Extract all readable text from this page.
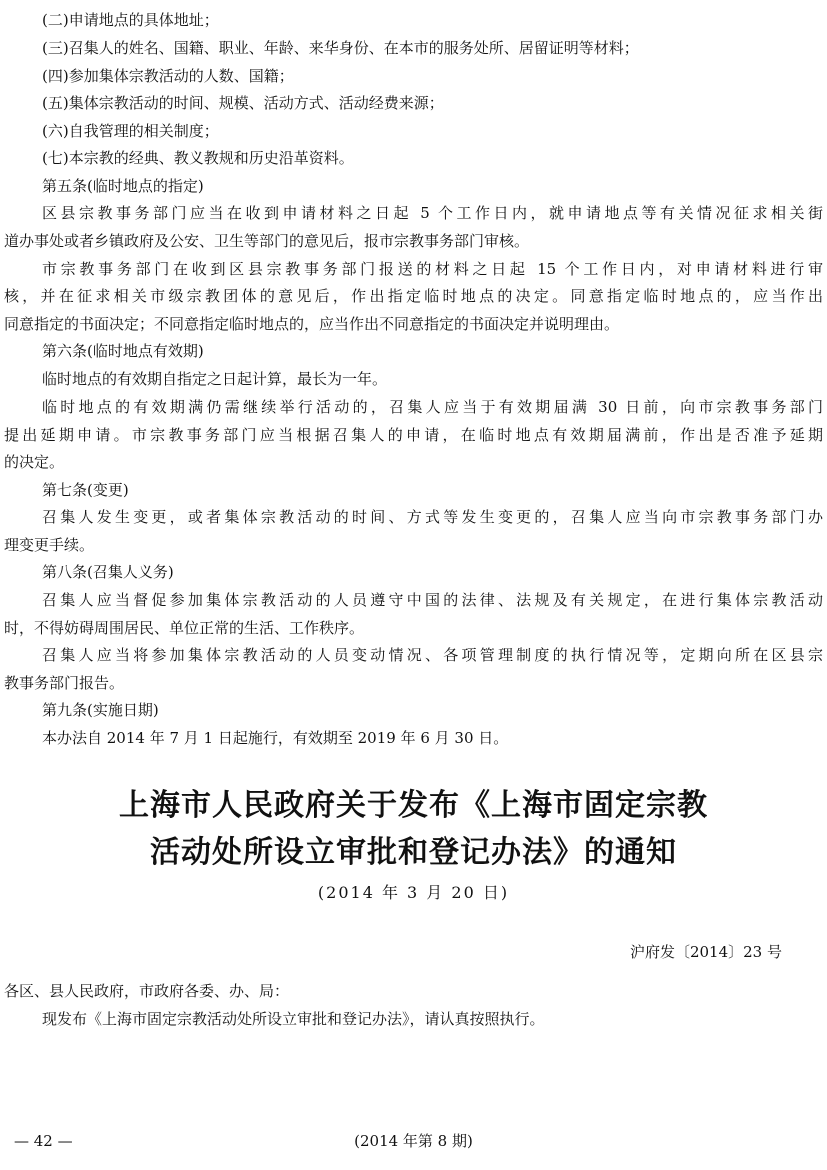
(二)申请地点的具体地址；
(三)召集人的姓名、国籍、职业、年龄、来华身份、在本市的服务处所、居留证明等材料；
(四)参加集体宗教活动的人数、国籍；
(五)集体宗教活动的时间、规模、活动方式、活动经费来源；
(六)自我管理的相关制度；
(七)本宗教的经典、教义教规和历史沿革资料。
第五条(临时地点的指定)
区县宗教事务部门应当在收到申请材料之日起 5 个工作日内，就申请地点等有关情况征求相关街
道办事处或者乡镇政府及公安、卫生等部门的意见后，报市宗教事务部门审核。
市宗教事务部门在收到区县宗教事务部门报送的材料之日起 15 个工作日内，对申请材料进行审
核，并在征求相关市级宗教团体的意见后，作出指定临时地点的决定。同意指定临时地点的，应当作出
同意指定的书面决定；不同意指定临时地点的，应当作出不同意指定的书面决定并说明理由。
第六条(临时地点有效期)
临时地点的有效期自指定之日起计算，最长为一年。
临时地点的有效期满仍需继续举行活动的，召集人应当于有效期届满 30 日前，向市宗教事务部门
提出延期申请。市宗教事务部门应当根据召集人的申请，在临时地点有效期届满前，作出是否准予延期
的决定。
第七条(变更)
召集人发生变更，或者集体宗教活动的时间、方式等发生变更的，召集人应当向市宗教事务部门办
理变更手续。
第八条(召集人义务)
召集人应当督促参加集体宗教活动的人员遵守中国的法律、法规及有关规定，在进行集体宗教活动
时，不得妨碍周围居民、单位正常的生活、工作秩序。
召集人应当将参加集体宗教活动的人员变动情况、各项管理制度的执行情况等，定期向所在区县宗
教事务部门报告。
第九条(实施日期)
本办法自 2014 年 7 月 1 日起施行，有效期至 2019 年 6 月 30 日。
上海市人民政府关于发布《上海市固定宗教
活动处所设立审批和登记办法》的通知
(2014 年 3 月 20 日)
沪府发〔2014〕23 号
各区、县人民政府，市政府各委、办、局：
现发布《上海市固定宗教活动处所设立审批和登记办法》，请认真按照执行。
— 42 —	(2014 年第 8 期)
